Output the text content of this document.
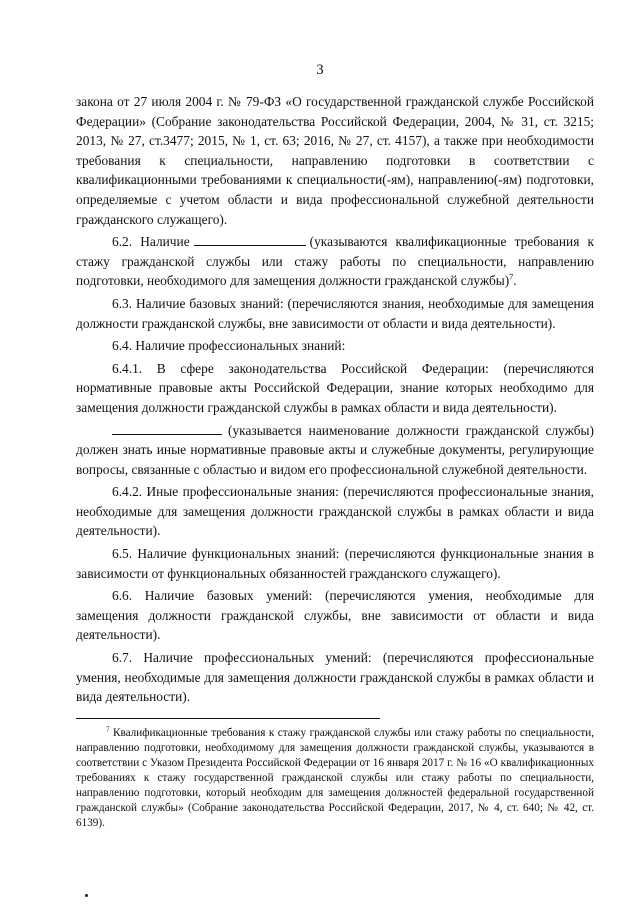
3

закона от 27 июля 2004 г. № 79-ФЗ «О государственной гражданской службе Российской Федерации» (Собрание законодательства Российской Федерации, 2004, № 31, ст. 3215; 2013, № 27, ст.3477; 2015, № 1, ст. 63; 2016, № 27, ст. 4157), а также при необходимости требования к специальности, направлению подготовки в соответствии с квалификационными требованиями к специальности(-ям), направлению(-ям) подготовки, определяемые с учетом области и вида профессиональной служебной деятельности гражданского служащего).

6.2. Наличие	(указываются квалификационные требования к стажу гражданской службы или стажу работы по специальности, направлению подготовки, необходимого для замещения должности гражданской службы)$^7$.

6.3. Наличие базовых знаний: (перечисляются знания, необходимые для замещения должности гражданской службы, вне зависимости от области и вида деятельности).

6.4. Наличие профессиональных знаний:

6.4.1. В сфере законодательства Российской Федерации: (перечисляются нормативные правовые акты Российской Федерации, знание которых необходимо для замещения должности гражданской службы в рамках области и вида деятельности).

(указывается наименование должности гражданской службы) должен знать иные нормативные правовые акты и служебные документы, регулирующие вопросы, связанные с областью и видом его профессиональной служебной деятельности.

6.4.2. Иные профессиональные знания: (перечисляются профессиональные знания, необходимые для замещения должности гражданской службы в рамках области и вида деятельности).

6.5. Наличие функциональных знаний: (перечисляются функциональные знания в зависимости от функциональных обязанностей гражданского служащего).

6.6. Наличие базовых умений: (перечисляются умения, необходимые для замещения должности гражданской службы, вне зависимости от области и вида деятельности).

6.7. Наличие профессиональных умений: (перечисляются профессиональные умения, необходимые для замещения должности гражданской службы в рамках области и вида деятельности).

$^7$ Квалификационные требования к стажу гражданской службы или стажу работы по специальности, направлению подготовки, необходимому для замещения должности гражданской службы, указываются в соответствии с Указом Президента Российской Федерации от 16 января 2017 г. № 16 «О квалификационных требованиях к стажу государственной гражданской службы или стажу работы по специальности, направлению подготовки, который необходим для замещения должностей федеральной государственной гражданской службы» (Собрание законодательства Российской Федерации, 2017, № 4, ст. 640; № 42, ст. 6139).
